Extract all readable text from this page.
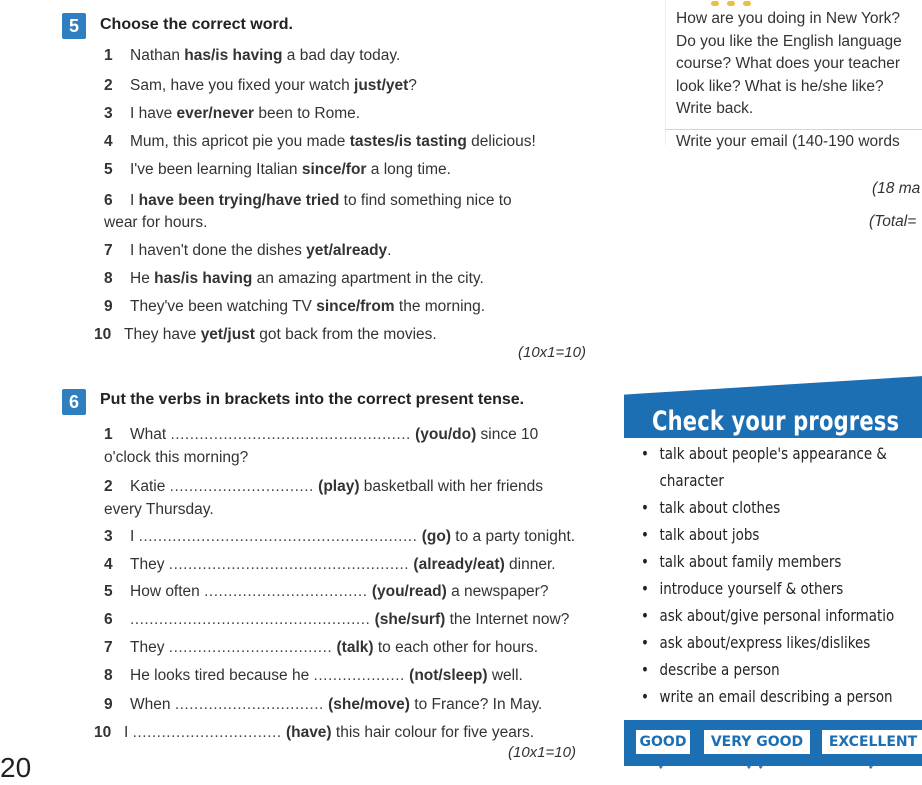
5	Choose the correct word.
1 Nathan has/is having a bad day today.
2 Sam, have you fixed your watch just/yet?
3 I have ever/never been to Rome.
4 Mum, this apricot pie you made tastes/is tasting delicious!
5 I've been learning Italian since/for a long time.
6 I have been trying/have tried to find something nice to
wear for hours.
7 I haven't done the dishes yet/already.
8 He has/is having an amazing apartment in the city.
9 They've been watching TV since/from the morning.
10 They have yet/just got back from the movies.
(10x1=10)
6	Put the verbs in brackets into the correct present tense.
1 What .................................................. (you/do) since 10
o'clock this morning?
2 Katie .............................. (play) basketball with her friends
every Thursday.
3 I .......................................................... (go) to a party tonight.
4 They .................................................. (already/eat) dinner.
5 How often .................................. (you/read) a newspaper?
6 .................................................. (she/surf) the Internet now?
7 They .................................. (talk) to each other for hours.
8 He looks tired because he ................... (not/sleep) well.
9 When ............................... (she/move) to France? In May.
10 I ............................... (have) this hair colour for five years.
(10x1=10)
How are you doing in New York?
Do you like the English language
course? What does your teacher
look like? What is he/she like?
Write back.
Write your email (140-190 words
(18 ma
(Total=
Check your progress
• talk about people's appearance &
character
• talk about clothes
• talk about jobs
• talk about family members
• introduce yourself & others
• ask about/give personal informatio
• ask about/express likes/dislikes
• describe a person
• write an email describing a person
GOOD ✓
VERY GOOD ✓✓
EXCELLENT ✓
20
